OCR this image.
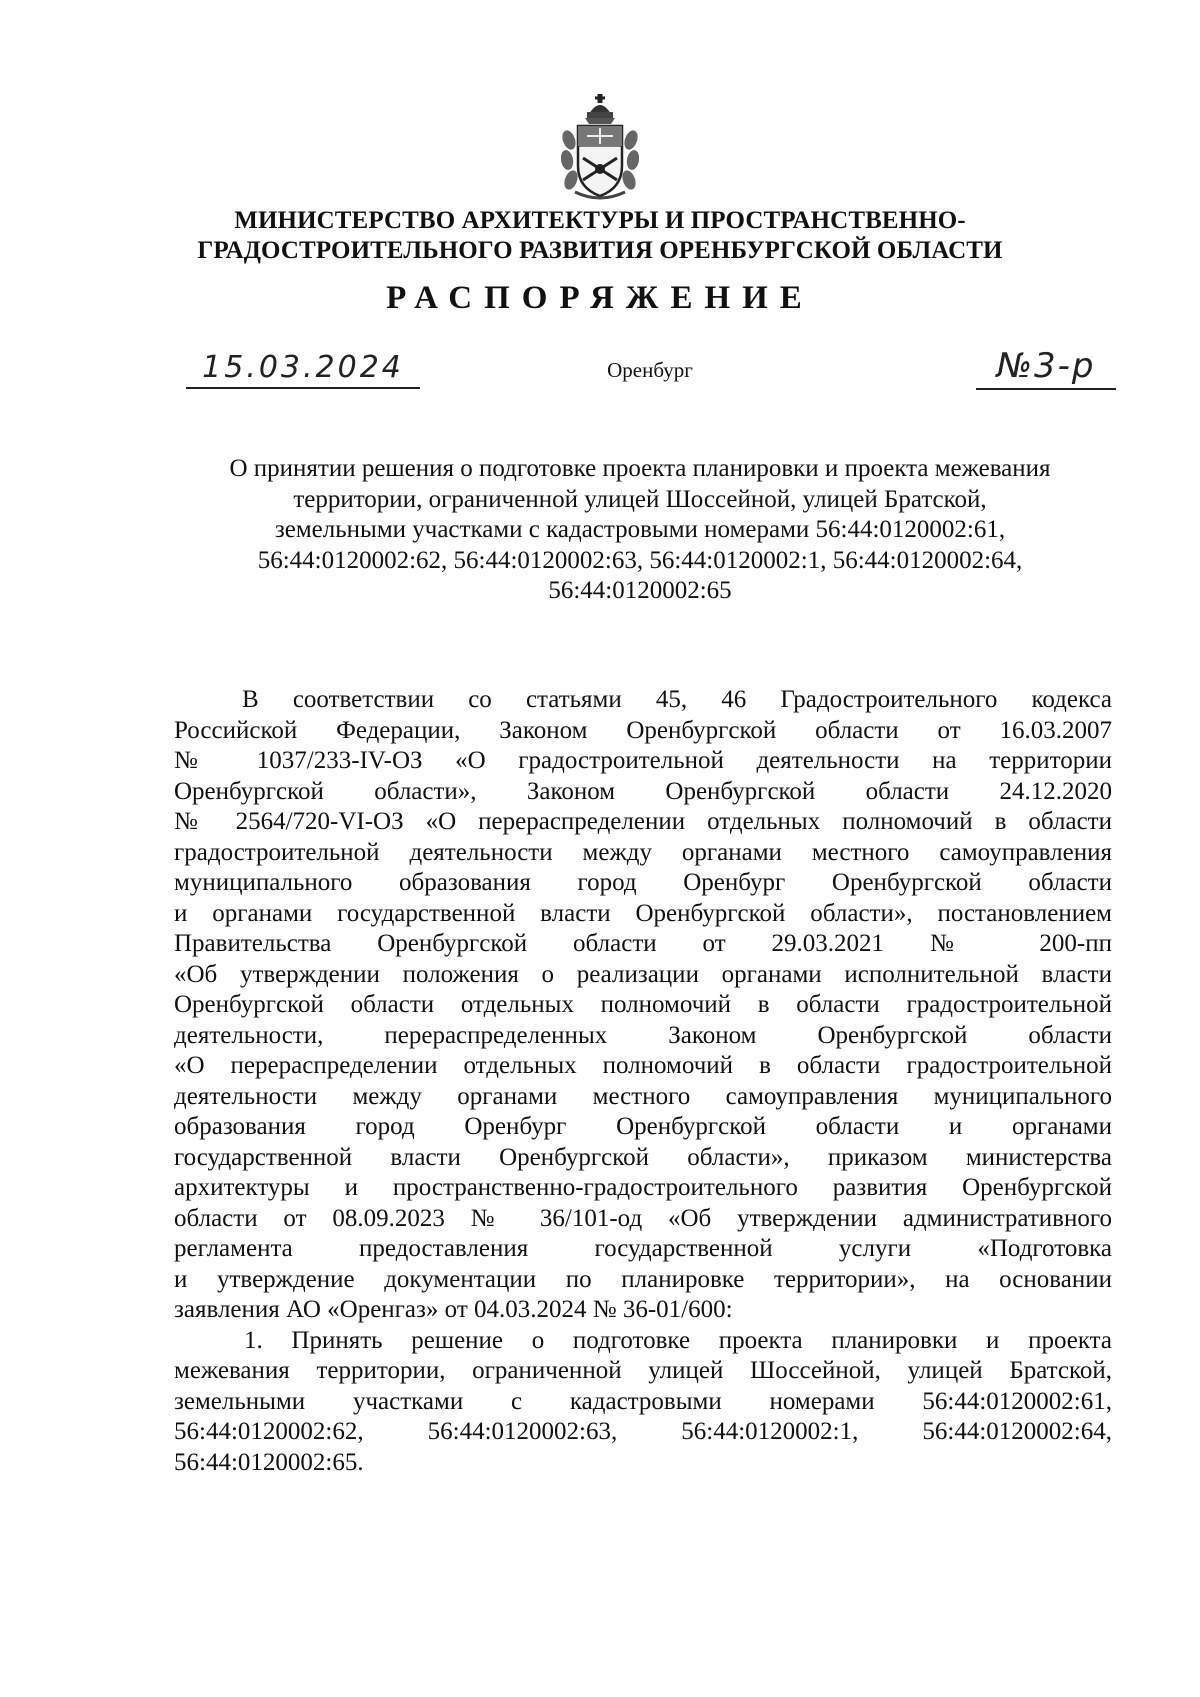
МИНИСТЕРСТВО АРХИТЕКТУРЫ И ПРОСТРАНСТВЕННО-
ГРАДОСТРОИТЕЛЬНОГО РАЗВИТИЯ ОРЕНБУРГСКОЙ ОБЛАСТИ
РАСПОРЯЖЕНИЕ
15.03.2024	Оренбург	№3-р
О принятии решения о подготовке проекта планировки и проекта межевания
территории, ограниченной улицей Шоссейной, улицей Братской,
земельными участками с кадастровыми номерами 56:44:0120002:61,
56:44:0120002:62, 56:44:0120002:63, 56:44:0120002:1, 56:44:0120002:64,
56:44:0120002:65
В соответствии со статьями 45, 46 Градостроительного кодекса
Российской Федерации, Законом Оренбургской области от 16.03.2007
№ 1037/233-IV-ОЗ «О градостроительной деятельности на территории
Оренбургской области», Законом Оренбургской области 24.12.2020
№ 2564/720-VI-ОЗ «О перераспределении отдельных полномочий в области
градостроительной деятельности между органами местного самоуправления
муниципального образования город Оренбург Оренбургской области
и органами государственной власти Оренбургской области», постановлением
Правительства Оренбургской области от 29.03.2021 № 200-пп
«Об утверждении положения о реализации органами исполнительной власти
Оренбургской области отдельных полномочий в области градостроительной
деятельности, перераспределенных Законом Оренбургской области
«О перераспределении отдельных полномочий в области градостроительной
деятельности между органами местного самоуправления муниципального
образования город Оренбург Оренбургской области и органами
государственной власти Оренбургской области», приказом министерства
архитектуры и пространственно-градостроительного развития Оренбургской
области от 08.09.2023 № 36/101-од «Об утверждении административного
регламента предоставления государственной услуги «Подготовка
и утверждение документации по планировке территории», на основании
заявления АО «Оренгаз» от 04.03.2024 № 36-01/600:
1. Принять решение о подготовке проекта планировки и проекта
межевания территории, ограниченной улицей Шоссейной, улицей Братской,
земельными участками с кадастровыми номерами 56:44:0120002:61,
56:44:0120002:62, 56:44:0120002:63, 56:44:0120002:1, 56:44:0120002:64,
56:44:0120002:65.
